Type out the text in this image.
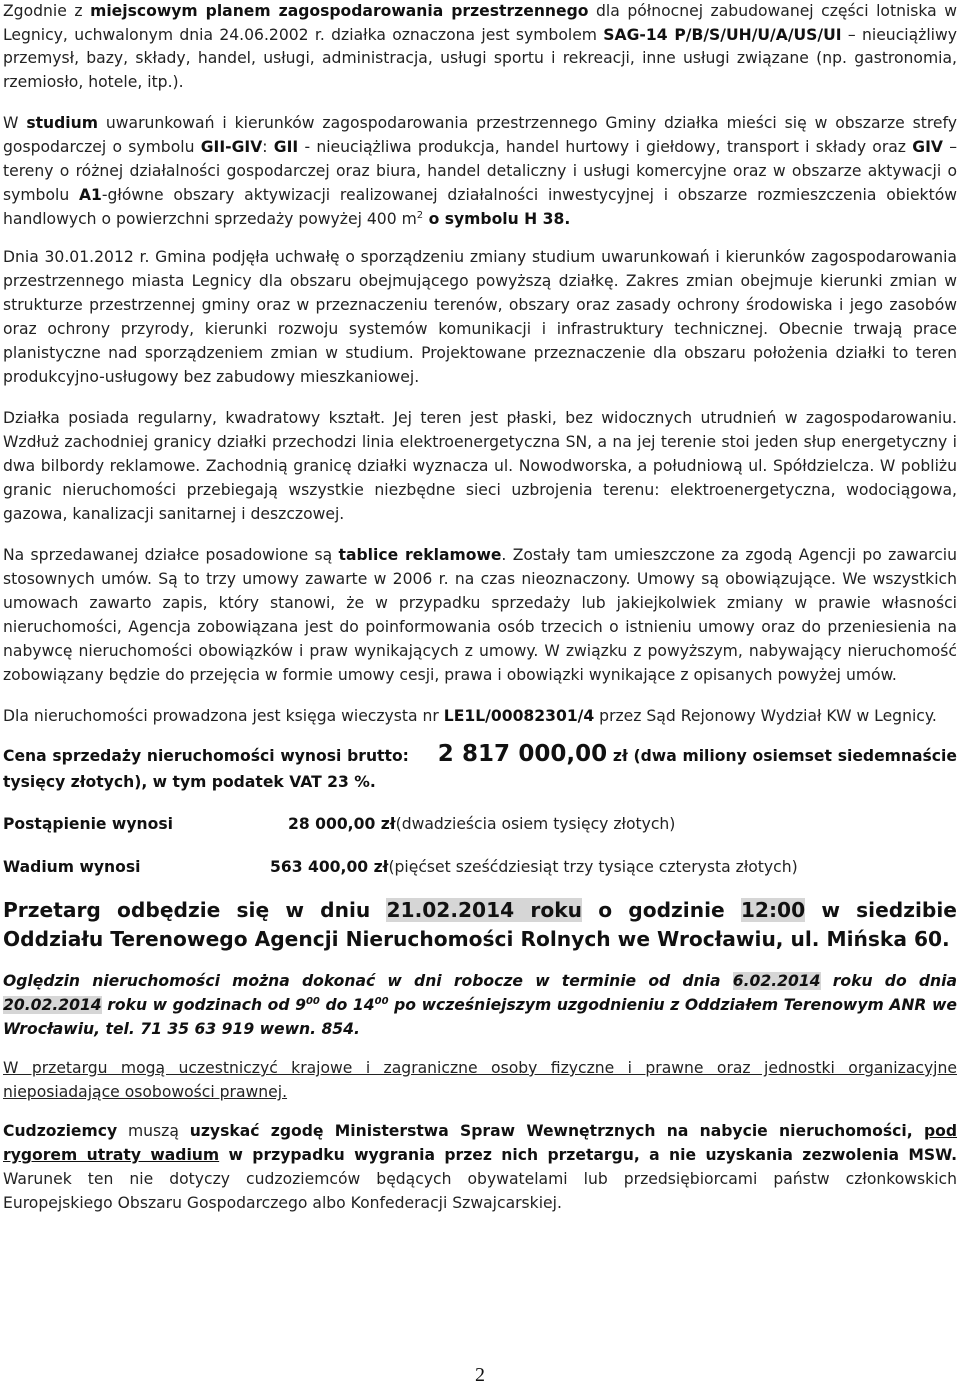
Zgodnie z miejscowym planem zagospodarowania przestrzennego dla północnej zabudowanej części lotniska w Legnicy, uchwalonym dnia 24.06.2002 r. działka oznaczona jest symbolem SAG-14 P/B/S/UH/U/A/US/UI – nieuciążliwy przemysł, bazy, składy, handel, usługi, administracja, usługi sportu i rekreacji, inne usługi związane (np. gastronomia, rzemiosło, hotele, itp.).

W studium uwarunkowań i kierunków zagospodarowania przestrzennego Gminy działka mieści się w obszarze strefy gospodarczej o symbolu GII-GIV: GII - nieuciążliwa produkcja, handel hurtowy i giełdowy, transport i składy oraz GIV – tereny o różnej działalności gospodarczej oraz biura, handel detaliczny i usługi komercyjne oraz w obszarze aktywacji o symbolu A1-główne obszary aktywizacji realizowanej działalności inwestycyjnej i obszarze rozmieszczenia obiektów handlowych o powierzchni sprzedaży powyżej 400 $m^2$ o symbolu H 38.

Dnia 30.01.2012 r. Gmina podjęła uchwałę o sporządzeniu zmiany studium uwarunkowań i kierunków zagospodarowania przestrzennego miasta Legnicy dla obszaru obejmującego powyższą działkę. Zakres zmian obejmuje kierunki zmian w strukturze przestrzennej gminy oraz w przeznaczeniu terenów, obszary oraz zasady ochrony środowiska i jego zasobów oraz ochrony przyrody, kierunki rozwoju systemów komunikacji i infrastruktury technicznej. Obecnie trwają prace planistyczne nad sporządzeniem zmian w studium. Projektowane przeznaczenie dla obszaru położenia działki to teren produkcyjno-usługowy bez zabudowy mieszkaniowej.

Działka posiada regularny, kwadratowy kształt. Jej teren jest płaski, bez widocznych utrudnień w zagospodarowaniu. Wzdłuż zachodniej granicy działki przechodzi linia elektroenergetyczna SN, a na jej terenie stoi jeden słup energetyczny i dwa bilbordy reklamowe. Zachodnią granicę działki wyznacza ul. Nowodworska, a południową ul. Spółdzielcza. W pobliżu granic nieruchomości przebiegają wszystkie niezbędne sieci uzbrojenia terenu: elektroenergetyczna, wodociągowa, gazowa, kanalizacji sanitarnej i deszczowej.

Na sprzedawanej działce posadowione są tablice reklamowe. Zostały tam umieszczone za zgodą Agencji po zawarciu stosownych umów. Są to trzy umowy zawarte w 2006 r. na czas nieoznaczony. Umowy są obowiązujące. We wszystkich umowach zawarto zapis, który stanowi, że w przypadku sprzedaży lub jakiejkolwiek zmiany w prawie własności nieruchomości, Agencja zobowiązana jest do poinformowania osób trzecich o istnieniu umowy oraz do przeniesienia na nabywcę nieruchomości obowiązków i praw wynikających z umowy. W związku z powyższym, nabywający nieruchomość zobowiązany będzie do przejęcia w formie umowy cesji, prawa i obowiązki wynikające z opisanych powyżej umów.

Dla nieruchomości prowadzona jest księga wieczysta nr LE1L/00082301/4 przez Sąd Rejonowy Wydział KW w Legnicy.

Cena sprzedaży nieruchomości wynosi brutto: 2 817 000,00 zł (dwa miliony osiemset siedemnaście tysięcy złotych), w tym podatek VAT 23 %.

Postąpienie wynosi	28 000,00 zł (dwadzieścia osiem tysięcy złotych)
Wadium wynosi	563 400,00 zł (pięćset sześćdziesiąt trzy tysiące czterysta złotych)

Przetarg odbędzie się w dniu 21.02.2014 roku o godzinie 12:00 w siedzibie Oddziału Terenowego Agencji Nieruchomości Rolnych we Wrocławiu, ul. Mińska 60.

Oględzin nieruchomości można dokonać w dni robocze w terminie od dnia 6.02.2014 roku do dnia 20.02.2014 roku w godzinach od $9^{00}$ do $14^{00}$ po wcześniejszym uzgodnieniu z Oddziałem Terenowym ANR we Wrocławiu, tel. 71 35 63 919 wewn. 854.

W przetargu mogą uczestniczyć krajowe i zagraniczne osoby fizyczne i prawne oraz jednostki organizacyjne nieposiadające osobowości prawnej.

Cudzoziemcy muszą uzyskać zgodę Ministerstwa Spraw Wewnętrznych na nabycie nieruchomości, pod rygorem utraty wadium w przypadku wygrania przez nich przetargu, a nie uzyskania zezwolenia MSW. Warunek ten nie dotyczy cudzoziemców będących obywatelami lub przedsiębiorcami państw członkowskich Europejskiego Obszaru Gospodarczego albo Konfederacji Szwajcarskiej.

2
